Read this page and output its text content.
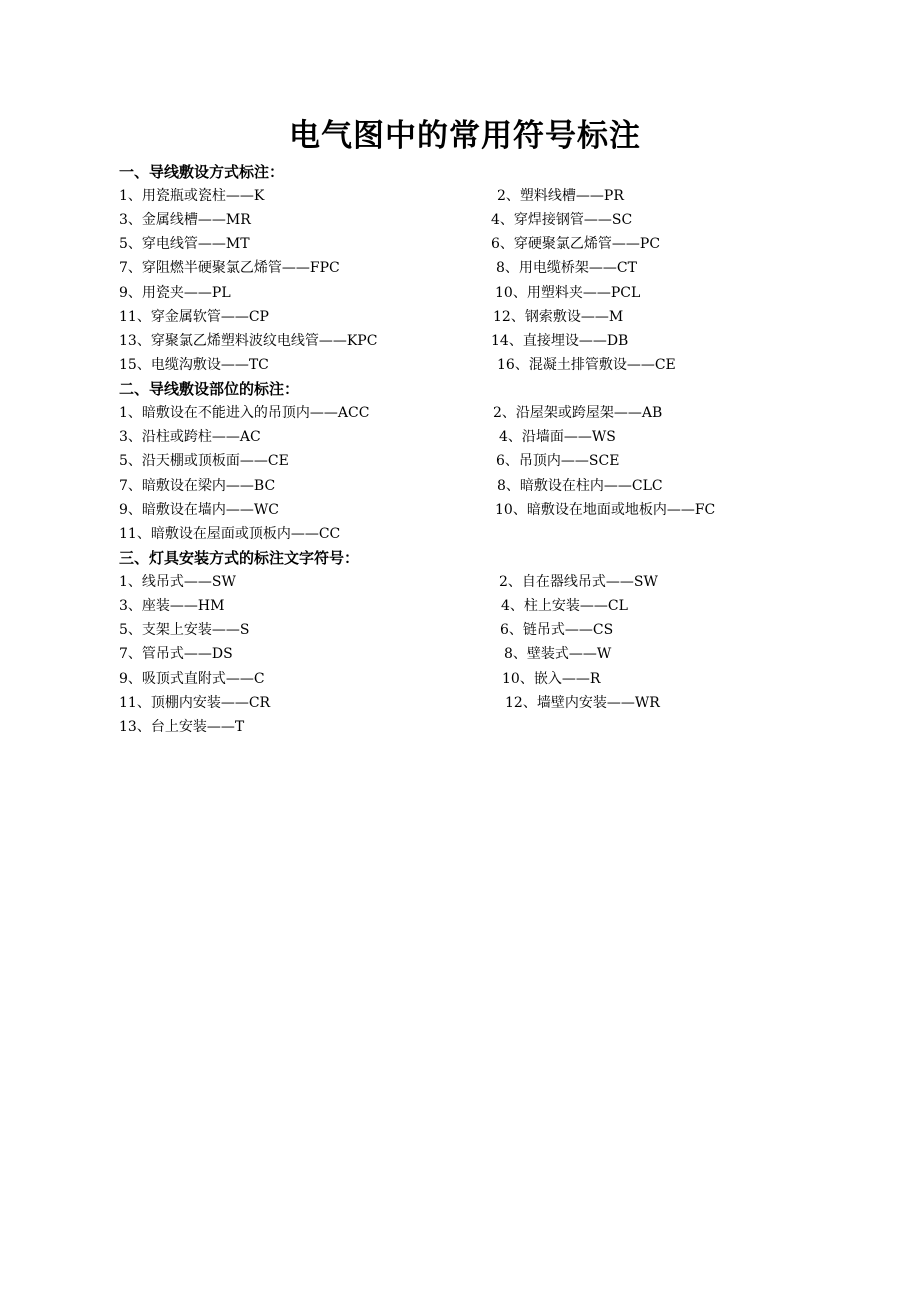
电气图中的常用符号标注
一、导线敷设方式标注：
1、用瓷瓶或瓷柱——K	2、塑料线槽——PR
3、金属线槽——MR	4、穿焊接钢管——SC
5、穿电线管——MT	6、穿硬聚氯乙烯管——PC
7、穿阻燃半硬聚氯乙烯管——FPC	8、用电缆桥架——CT
9、用瓷夹——PL	10、用塑料夹——PCL
11、穿金属软管——CP	12、钢索敷设——M
13、穿聚氯乙烯塑料波纹电线管——KPC	14、直接埋设——DB
15、电缆沟敷设——TC	16、混凝土排管敷设——CE
二、导线敷设部位的标注：
1、暗敷设在不能进入的吊顶内——ACC	2、沿屋架或跨屋架——AB
3、沿柱或跨柱——AC	4、沿墙面——WS
5、沿天棚或顶板面——CE	6、吊顶内——SCE
7、暗敷设在梁内——BC	8、暗敷设在柱内——CLC
9、暗敷设在墙内——WC	10、暗敷设在地面或地板内——FC
11、暗敷设在屋面或顶板内——CC
三、灯具安装方式的标注文字符号：
1、线吊式——SW	2、自在器线吊式——SW
3、座装——HM	4、柱上安装——CL
5、支架上安装——S	6、链吊式——CS
7、管吊式——DS	8、壁装式——W
9、吸顶式直附式——C	10、嵌入——R
11、顶棚内安装——CR	12、墙壁内安装——WR
13、台上安装——T
